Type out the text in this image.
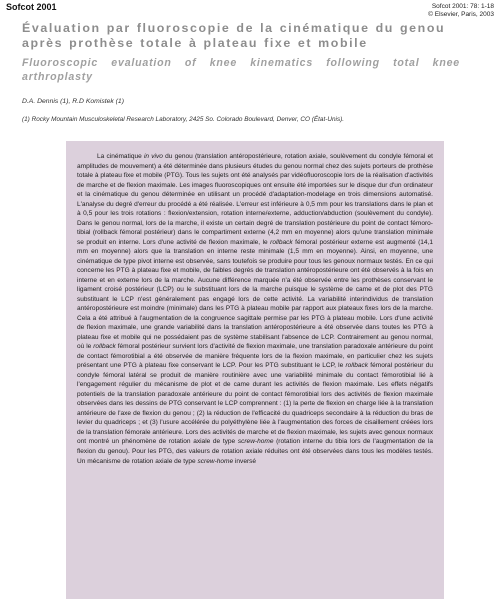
Sofcot 2001	Sofcot 2001: 78: 1-18
© Elsevier, Paris, 2003
Évaluation par fluoroscopie de la cinématique du genou après prothèse totale à plateau fixe et mobile
Fluoroscopic evaluation of knee kinematics following total knee arthroplasty
D.A. Dennis (1), R.D Komistek (1)
(1) Rocky Mountain Musculoskeletal Research Laboratory, 2425 So. Colorado Boulevard, Denver, CO (État-Unis).

La cinématique in vivo du genou (translation antéropostérieure, rotation axiale, soulèvement du condyle fémoral et amplitudes de mouvement) a été déterminée dans plusieurs études du genou normal chez des sujets porteurs de prothèse totale à plateau fixe et mobile (PTG). Tous les sujets ont été analysés par vidéofluoroscopie lors de la réalisation d'activités de marche et de flexion maximale. Les images fluoroscopiques ont ensuite été importées sur le disque dur d'un ordinateur et la cinématique du genou déterminée en utilisant un procédé d'adaptation-modelage en trois dimensions automatisé. L'analyse du degré d'erreur du procédé a été réalisée. L'erreur est inférieure à 0,5 mm pour les translations dans le plan et à 0,5 pour les trois rotations : flexion/extension, rotation interne/externe, adduction/abduction (soulèvement du condyle). Dans le genou normal, lors de la marche, il existe un certain degré de translation postérieure du point de contact fémoro-tibial (rollback fémoral postérieur) dans le compartiment externe (4,2 mm en moyenne) alors qu'une translation minimale se produit en interne. Lors d'une activité de flexion maximale, le rollback fémoral postérieur externe est augmenté (14,1 mm en moyenne) alors que la translation en interne reste minimale (1,5 mm en moyenne). Ainsi, en moyenne, une cinématique de type pivot interne est observée, sans toutefois se produire pour tous les genoux normaux testés. En ce qui concerne les PTG à plateau fixe et mobile, de faibles degrés de translation antéropostérieure ont été observés à la fois en interne et en externe lors de la marche. Aucune différence marquée n'a été observée entre les prothèses conservant le ligament croisé postérieur (LCP) ou le substituant lors de la marche puisque le système de came et de plot des PTG substituant le LCP n'est généralement pas engagé lors de cette activité. La variabilité interindividus de translation antéropostérieure est moindre (minimale) dans les PTG à plateau mobile par rapport aux plateaux fixes lors de la marche. Cela a été attribué à l'augmentation de la congruence sagittale permise par les PTG à plateau mobile. Lors d'une activité de flexion maximale, une grande variabilité dans la translation antéropostérieure a été observée dans toutes les PTG à plateau fixe et mobile qui ne possédaient pas de système stabilisant l'absence de LCP. Contrairement au genou normal, où le rollback fémoral postérieur survient lors d'activité de flexion maximale, une translation paradoxale antérieure du point de contact fémorotibial a été observée de manière fréquente lors de la flexion maximale, en particulier chez les sujets présentant une PTG à plateau fixe conservant le LCP. Pour les PTG substituant le LCP, le rollback fémoral postérieur du condyle fémoral latéral se produit de manière routinière avec une variabilité minimale du contact fémorotibial lié à l'engagement régulier du mécanisme de plot et de came durant les activités de flexion maximale. Les effets négatifs potentiels de la translation paradoxale antérieure du point de contact fémorotibial lors des activités de flexion maximale observées dans les dessins de PTG conservant le LCP comprennent : (1) la perte de flexion en charge liée à la translation antérieure de l'axe de flexion du genou ; (2) la réduction de l'efficacité du quadriceps secondaire à la réduction du bras de levier du quadriceps ; et (3) l'usure accélérée du polyéthylène liée à l'augmentation des forces de cisaillement créées lors de la translation fémorale antérieure. Lors des activités de marche et de flexion maximale, les sujets avec genoux normaux ont montré un phénomène de rotation axiale de type screw-home (rotation interne du tibia lors de l'augmentation de la flexion du genou). Pour les PTG, des valeurs de rotation axiale réduites ont été observées dans tous les modèles testés. Un mécanisme de rotation axiale de type screw-home inversé
